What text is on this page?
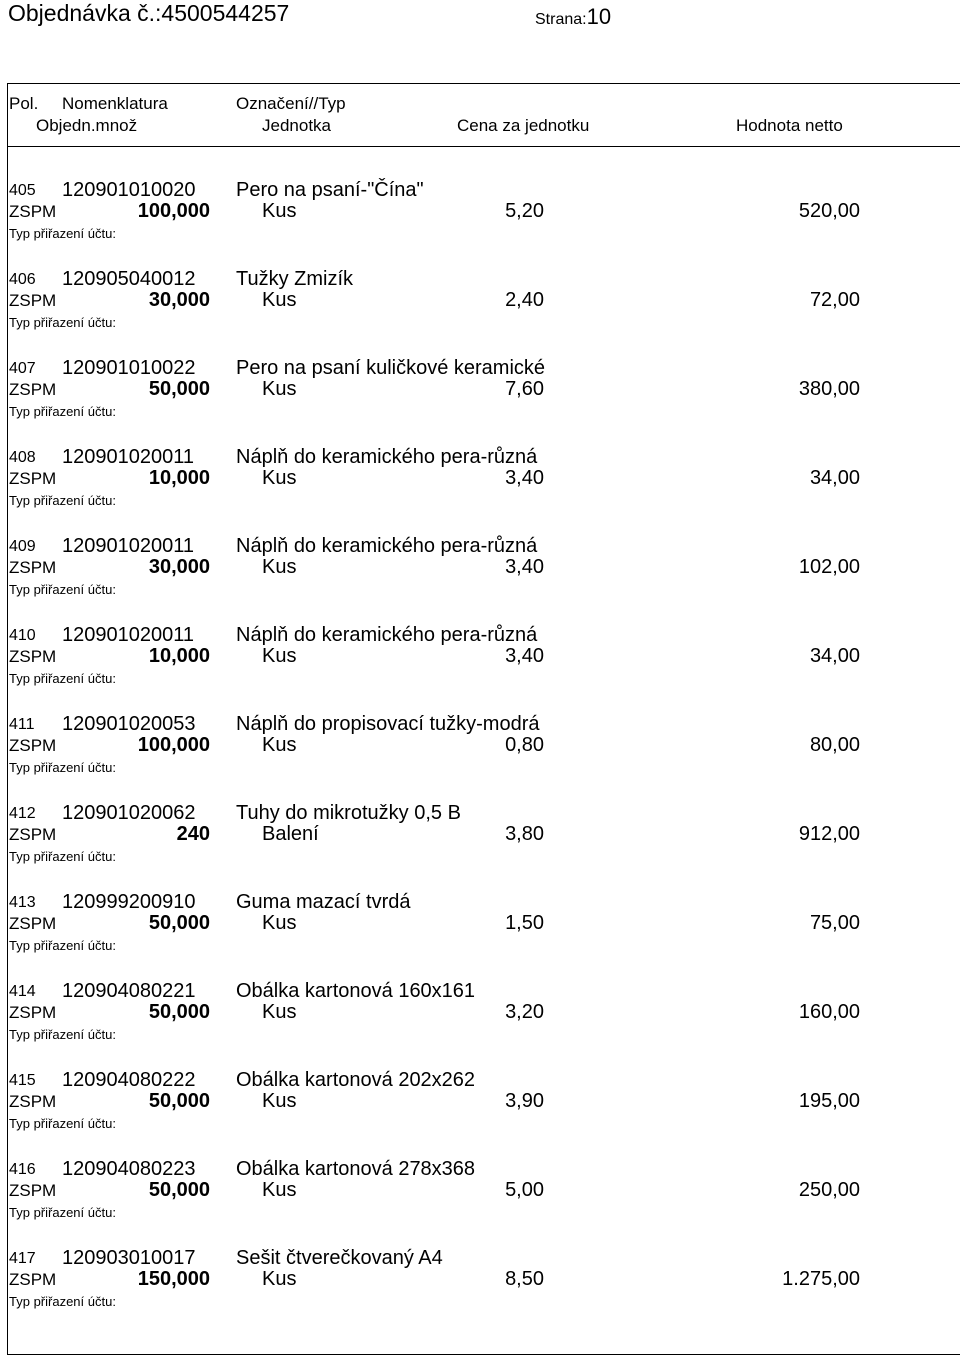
Objednávka č.:4500544257	Strana:10
Pol. Nomenklatura	Označení//Typ
Objedn.množ	Jednotka	Cena za jednotku	Hodnota netto
405 120901010020 Pero na psaní-"Čína"
ZSPM	100,000	Kus	5,20	520,00
Typ přiřazení účtu:
406 120905040012 Tužky Zmizík
ZSPM	30,000	Kus	2,40	72,00
Typ přiřazení účtu:
407 120901010022 Pero na psaní kuličkové keramické
ZSPM	50,000	Kus	7,60	380,00
Typ přiřazení účtu:
408 120901020011 Náplň do keramického pera-různá
ZSPM	10,000	Kus	3,40	34,00
Typ přiřazení účtu:
409 120901020011 Náplň do keramického pera-různá
ZSPM	30,000	Kus	3,40	102,00
Typ přiřazení účtu:
410 120901020011 Náplň do keramického pera-různá
ZSPM	10,000	Kus	3,40	34,00
Typ přiřazení účtu:
411 120901020053 Náplň do propisovací tužky-modrá
ZSPM	100,000	Kus	0,80	80,00
Typ přiřazení účtu:
412 120901020062 Tuhy do mikrotužky 0,5 B
ZSPM	240	Balení	3,80	912,00
Typ přiřazení účtu:
413 120999200910 Guma mazací tvrdá
ZSPM	50,000	Kus	1,50	75,00
Typ přiřazení účtu:
414 120904080221 Obálka kartonová 160x161
ZSPM	50,000	Kus	3,20	160,00
Typ přiřazení účtu:
415 120904080222 Obálka kartonová 202x262
ZSPM	50,000	Kus	3,90	195,00
Typ přiřazení účtu:
416 120904080223 Obálka kartonová 278x368
ZSPM	50,000	Kus	5,00	250,00
Typ přiřazení účtu:
417 120903010017 Sešit čtverečkovaný A4
ZSPM	150,000	Kus	8,50	1.275,00
Typ přiřazení účtu:
